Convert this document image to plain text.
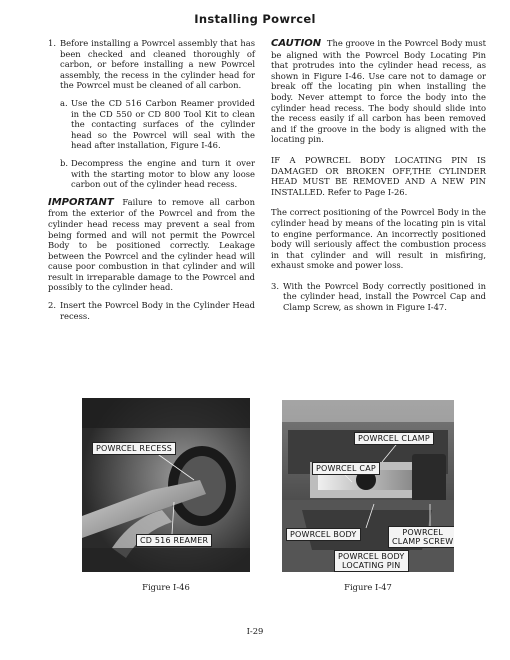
Installing Powrcel
1. Before installing a Powrcel assembly that has been checked and cleaned thoroughly of carbon, or before installing a new Powrcel assembly, the recess in the cylinder head for the Powrcel must be cleaned of all carbon.
a. Use the CD 516 Carbon Reamer provided in the CD 550 or CD 800 Tool Kit to clean the contacting surfaces of the cylinder head so the Powrcel will seal with the head after installation, Figure I-46.
b. Decompress the engine and turn it over with the starting motor to blow any loose carbon out of the cylinder head recess.
IMPORTANT Failure to remove all carbon from the exterior of the Powrcel and from the cylinder head recess may prevent a seal from being formed and will not permit the Powrcel Body to be positioned correctly. Leakage between the Powrcel and the cylinder head will cause poor combustion in that cylinder and will result in irreparable damage to the Powrcel and possibly to the cylinder head.
2. Insert the Powrcel Body in the Cylinder Head recess.
CAUTION The groove in the Powrcel Body must be aligned with the Powrcel Body Locating Pin that protrudes into the cylinder head recess, as shown in Figure I-46. Use care not to damage or break off the locating pin when installing the body. Never attempt to force the body into the cylinder head recess. The body should slide into the recess easily if all carbon has been removed and if the groove in the body is aligned with the locating pin.
IF A POWRCEL BODY LOCATING PIN IS DAMAGED OR BROKEN OFF,THE CYLINDER HEAD MUST BE REMOVED AND A NEW PIN INSTALLED. Refer to Page I-26.
The correct positioning of the Powrcel Body in the cylinder head by means of the locating pin is vital to engine performance. An incorrectly positioned body will seriously affect the combustion process in that cylinder and will result in misfiring, exhaust smoke and power loss.
3. With the Powrcel Body correctly positioned in the cylinder head, install the Powrcel Cap and Clamp Screw, as shown in Figure I-47.
POWRCEL RECESS
CD 516 REAMER
Figure I-46
POWRCEL CLAMP
POWRCEL CAP
POWRCEL BODY	POWRCEL
CLAMP SCREW
POWRCEL BODY
LOCATING PIN
Figure I-47
I-29
